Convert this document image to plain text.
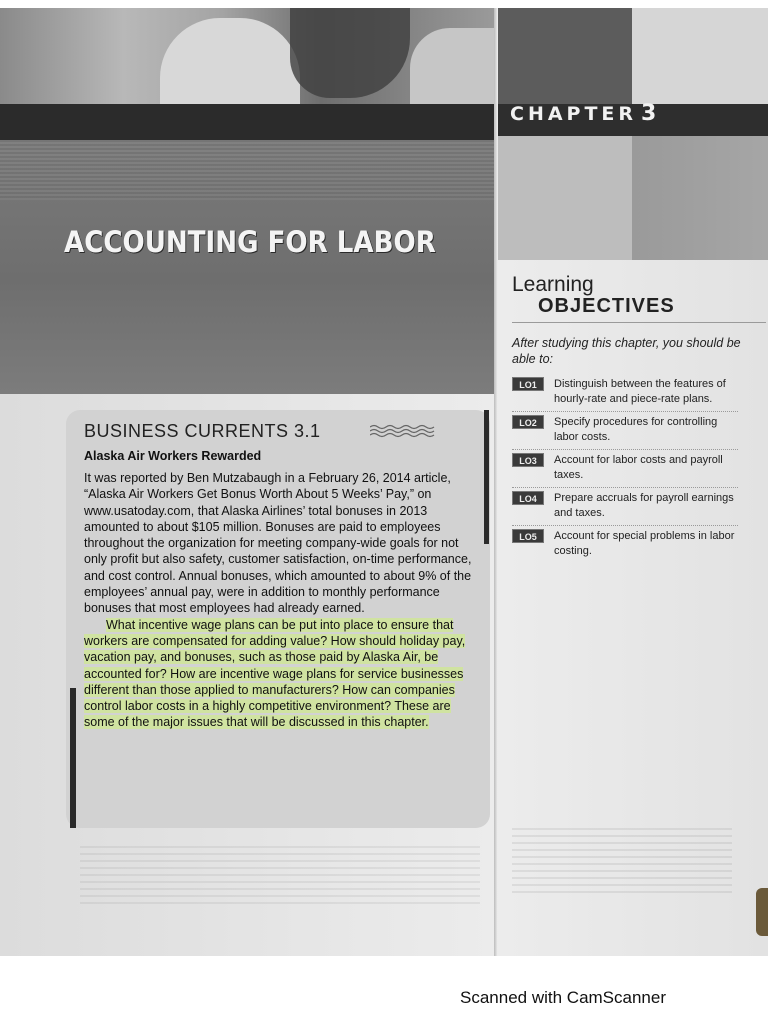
CHAPTER 3
ACCOUNTING FOR LABOR
Learning
OBJECTIVES
After studying this chapter, you should be able to:
LO1	Distinguish between the features of hourly-rate and piece-rate plans.
LO2	Specify procedures for controlling labor costs.
LO3	Account for labor costs and payroll taxes.
LO4	Prepare accruals for payroll earnings and taxes.
LO5	Account for special problems in labor costing.
BUSINESS CURRENTS 3.1
Alaska Air Workers Rewarded

It was reported by Ben Mutzabaugh in a February 26, 2014 article, “Alaska Air Workers Get Bonus Worth About 5 Weeks’ Pay,” on www.usatoday.com, that Alaska Airlines’ total bonuses in 2013 amounted to about $105 million. Bonuses are paid to employees throughout the organization for meeting company-wide goals for not only profit but also safety, customer satisfaction, on-time performance, and cost control. Annual bonuses, which amounted to about 9% of the employees’ annual pay, were in addition to monthly performance bonuses that most employees had already earned.

What incentive wage plans can be put into place to ensure that workers are compensated for adding value? How should holiday pay, vacation pay, and bonuses, such as those paid by Alaska Air, be accounted for? How are incentive wage plans for service businesses different than those applied to manufacturers? How can companies control labor costs in a highly competitive environment? These are some of the major issues that will be discussed in this chapter.

Scanned with CamScanner
